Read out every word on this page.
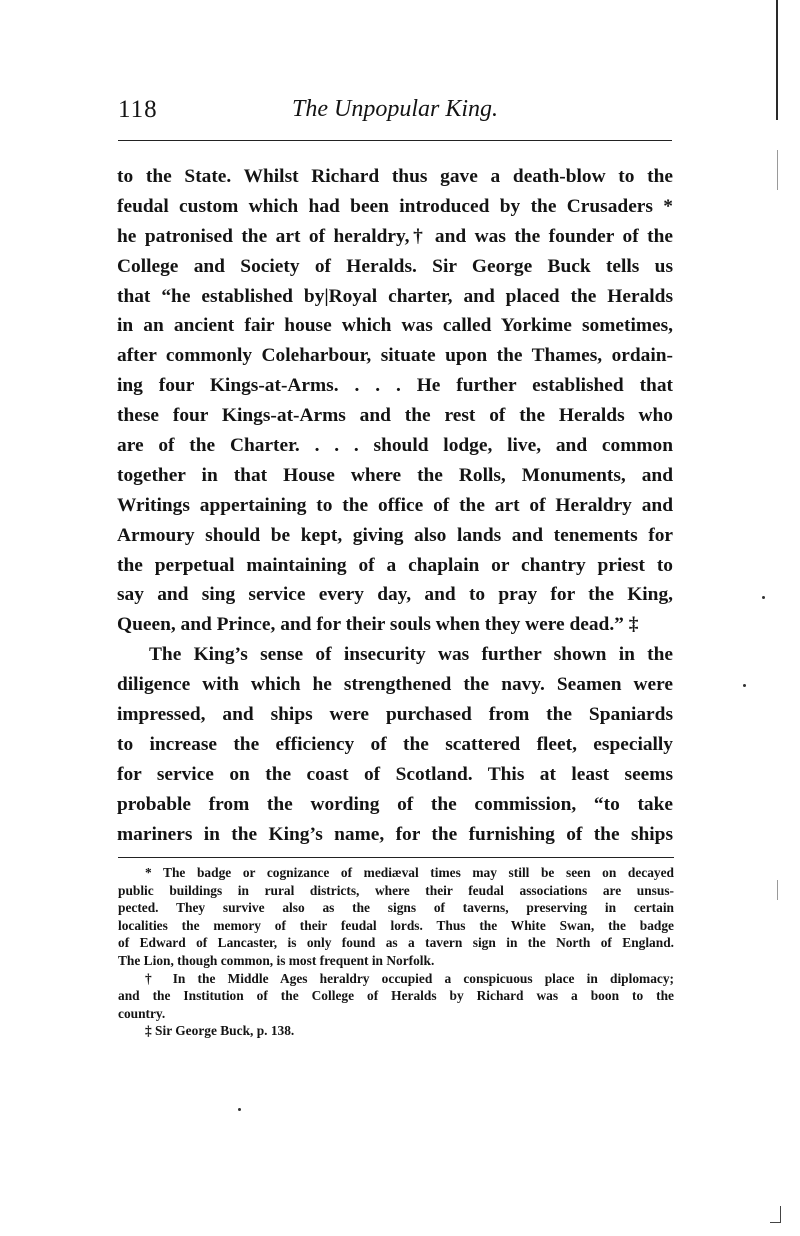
118	The Unpopular King.
to the State. Whilst Richard thus gave a death-blow to the
feudal custom which had been introduced by the Crusaders *
he patronised the art of heraldry,† and was the founder of the
College and Society of Heralds. Sir George Buck tells us
that “he established by|Royal charter, and placed the Heralds
in an ancient fair house which was called Yorkime sometimes,
after commonly Coleharbour, situate upon the Thames, ordain-
ing four Kings-at-Arms. . . . He further established that
these four Kings-at-Arms and the rest of the Heralds who
are of the Charter. . . . should lodge, live, and common
together in that House where the Rolls, Monuments, and
Writings appertaining to the office of the art of Heraldry and
Armoury should be kept, giving also lands and tenements for
the perpetual maintaining of a chaplain or chantry priest to
say and sing service every day, and to pray for the King,
Queen, and Prince, and for their souls when they were dead.” ‡
The King’s sense of insecurity was further shown in the
diligence with which he strengthened the navy. Seamen were
impressed, and ships were purchased from the Spaniards
to increase the efficiency of the scattered fleet, especially
for service on the coast of Scotland. This at least seems
probable from the wording of the commission, “to take
mariners in the King’s name, for the furnishing of the ships
* The badge or cognizance of mediæval times may still be seen on decayed
public buildings in rural districts, where their feudal associations are unsus-
pected. They survive also as the signs of taverns, preserving in certain
localities the memory of their feudal lords. Thus the White Swan, the badge
of Edward of Lancaster, is only found as a tavern sign in the North of England.
The Lion, though common, is most frequent in Norfolk.
† In the Middle Ages heraldry occupied a conspicuous place in diplomacy;
and the Institution of the College of Heralds by Richard was a boon to the
country.
‡ Sir George Buck, p. 138.
